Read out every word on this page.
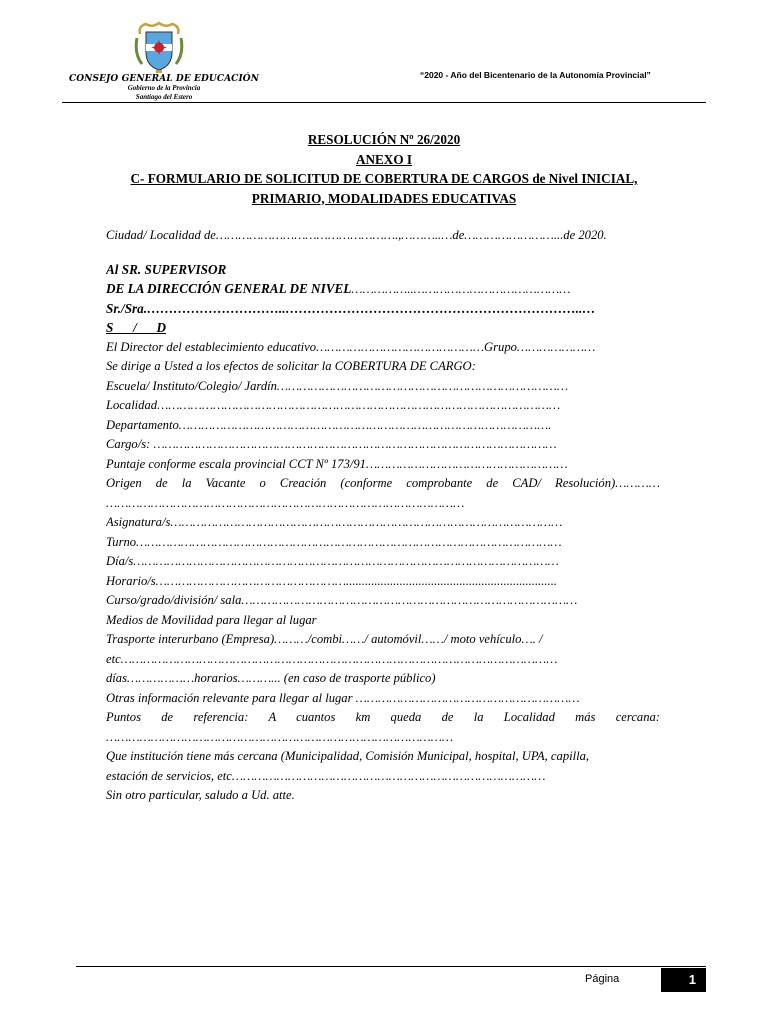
CONSEJO GENERAL DE EDUCACIÓN
Gobierno de la Provincia
Santiago del Estero
“2020 - Año del Bicentenario de la Autonomía Provincial”
RESOLUCIÓN Nº 26/2020
ANEXO I
C- FORMULARIO DE SOLICITUD DE COBERTURA DE CARGOS de Nivel INICIAL,
PRIMARIO, MODALIDADES EDUCATIVAS
Ciudad/ Localidad de………………………………………….,………..…de……………………...de 2020.
Al SR. SUPERVISOR
DE LA DIRECCIÓN GENERAL DE NIVEL……………..……………………………………
Sr./Sra.…………………………..…………………………………………………………..…
S      /      D
El Director del establecimiento educativo………………………………………Grupo…………………
Se dirige a Usted a los efectos de solicitar la COBERTURA DE CARGO:
Escuela/ Instituto/Colegio/ Jardín……………………………………………………………………
Localidad………………………………………………………………………………………………
Departamento……………………………………………………………………………………….
Cargo/s: ………………………………………………………………………………………………
Puntaje conforme escala provincial CCT Nº 173/91………………………………………………
Origen de la Vacante o Creación (conforme comprobante de CAD/ Resolución)…………
……………………………………………………………………………………
Asignatura/s……………………………………………………………………………………………
Turno……………………………………………………………………………………………………
Día/s……………………………………………………………………………………………………
Horario/s……………………………………………...................................................................
Curso/grado/división/ sala………………………………………………………………………………
Medios de Movilidad para llegar al lugar
Trasporte interurbano (Empresa)………/combi……/ automóvil……/ moto vehículo…. /
etc………………………………………………………………………………………………………
días………………horarios………... (en caso de trasporte público)
Otras información relevante para llegar al lugar ……………………………………………………
Puntos de referencia: A cuantos km queda de la Localidad más cercana:
…………………………………………………………………………………
Que institución tiene más cercana (Municipalidad, Comisión Municipal, hospital, UPA, capilla,
estación de servicios, etc…………………………………………………………………………
Sin otro particular, saludo a Ud. atte.
Página	1
